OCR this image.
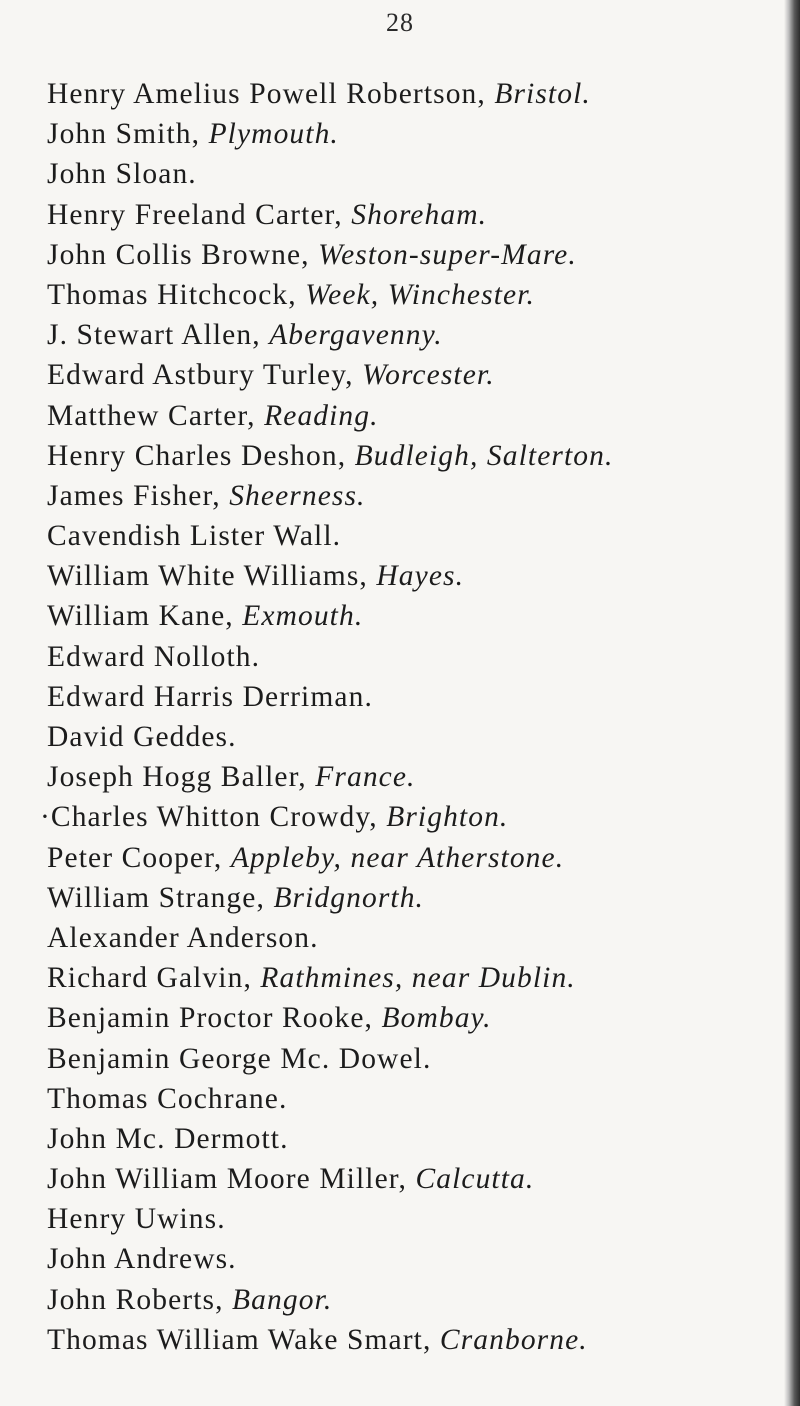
28
Henry Amelius Powell Robertson, Bristol.
John Smith, Plymouth.
John Sloan.
Henry Freeland Carter, Shoreham.
John Collis Browne, Weston-super-Mare.
Thomas Hitchcock, Week, Winchester.
J. Stewart Allen, Abergavenny.
Edward Astbury Turley, Worcester.
Matthew Carter, Reading.
Henry Charles Deshon, Budleigh, Salterton.
James Fisher, Sheerness.
Cavendish Lister Wall.
William White Williams, Hayes.
William Kane, Exmouth.
Edward Nolloth.
Edward Harris Derriman.
David Geddes.
Joseph Hogg Baller, France.
·Charles Whitton Crowdy, Brighton.
Peter Cooper, Appleby, near Atherstone.
William Strange, Bridgnorth.
Alexander Anderson.
Richard Galvin, Rathmines, near Dublin.
Benjamin Proctor Rooke, Bombay.
Benjamin George Mc. Dowel.
Thomas Cochrane.
John Mc. Dermott.
John William Moore Miller, Calcutta.
Henry Uwins.
John Andrews.
John Roberts, Bangor.
Thomas William Wake Smart, Cranborne.
